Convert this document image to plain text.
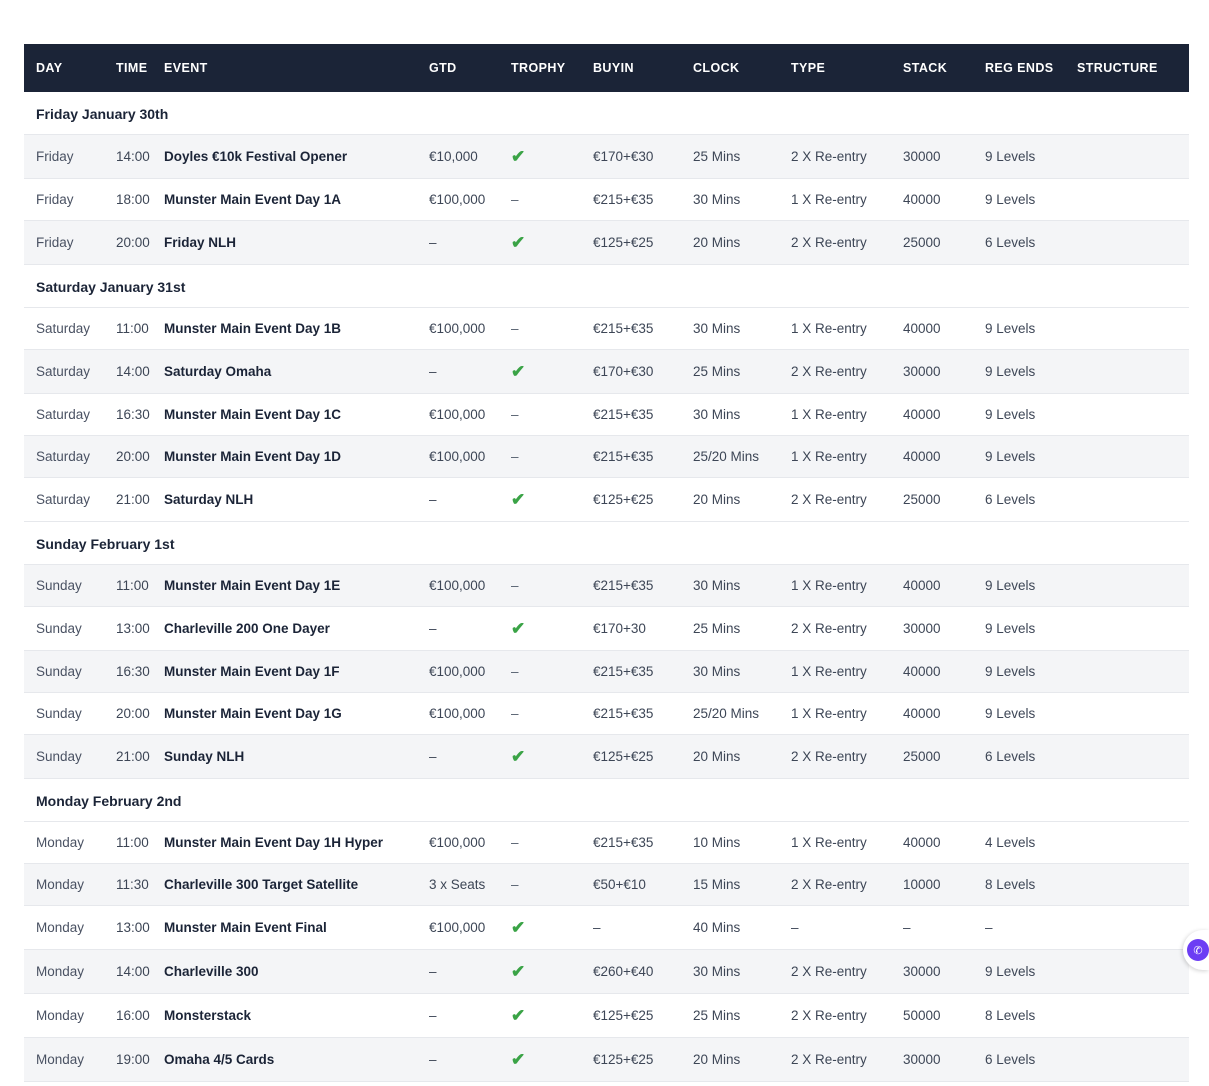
DAY	TIME	EVENT	GTD	TROPHY	BUYIN	CLOCK	TYPE	STACK	REG ENDS	STRUCTURE
Friday January 30th										
Friday	14:00	Doyles €10k Festival Opener	€10,000	✔	€170+€30	25 Mins	2 X Re-entry	30000	9 Levels	
Friday	18:00	Munster Main Event Day 1A	€100,000	–	€215+€35	30 Mins	1 X Re-entry	40000	9 Levels	
Friday	20:00	Friday NLH	–	✔	€125+€25	20 Mins	2 X Re-entry	25000	6 Levels	
Saturday January 31st										
Saturday	11:00	Munster Main Event Day 1B	€100,000	–	€215+€35	30 Mins	1 X Re-entry	40000	9 Levels	
Saturday	14:00	Saturday Omaha	–	✔	€170+€30	25 Mins	2 X Re-entry	30000	9 Levels	
Saturday	16:30	Munster Main Event Day 1C	€100,000	–	€215+€35	30 Mins	1 X Re-entry	40000	9 Levels	
Saturday	20:00	Munster Main Event Day 1D	€100,000	–	€215+€35	25/20 Mins	1 X Re-entry	40000	9 Levels	
Saturday	21:00	Saturday NLH	–	✔	€125+€25	20 Mins	2 X Re-entry	25000	6 Levels	
Sunday February 1st										
Sunday	11:00	Munster Main Event Day 1E	€100,000	–	€215+€35	30 Mins	1 X Re-entry	40000	9 Levels	
Sunday	13:00	Charleville 200 One Dayer	–	✔	€170+30	25 Mins	2 X Re-entry	30000	9 Levels	
Sunday	16:30	Munster Main Event Day 1F	€100,000	–	€215+€35	30 Mins	1 X Re-entry	40000	9 Levels	
Sunday	20:00	Munster Main Event Day 1G	€100,000	–	€215+€35	25/20 Mins	1 X Re-entry	40000	9 Levels	
Sunday	21:00	Sunday NLH	–	✔	€125+€25	20 Mins	2 X Re-entry	25000	6 Levels	
Monday February 2nd										
Monday	11:00	Munster Main Event Day 1H Hyper	€100,000	–	€215+€35	10 Mins	1 X Re-entry	40000	4 Levels	
Monday	11:30	Charleville 300 Target Satellite	3 x Seats	–	€50+€10	15 Mins	2 X Re-entry	10000	8 Levels	
Monday	13:00	Munster Main Event Final	€100,000	✔	–	40 Mins	–	–	–	
Monday	14:00	Charleville 300	–	✔	€260+€40	30 Mins	2 X Re-entry	30000	9 Levels	
Monday	16:00	Monsterstack	–	✔	€125+€25	25 Mins	2 X Re-entry	50000	8 Levels	
Monday	19:00	Omaha 4/5 Cards	–	✔	€125+€25	20 Mins	2 X Re-entry	30000	6 Levels	
✆
